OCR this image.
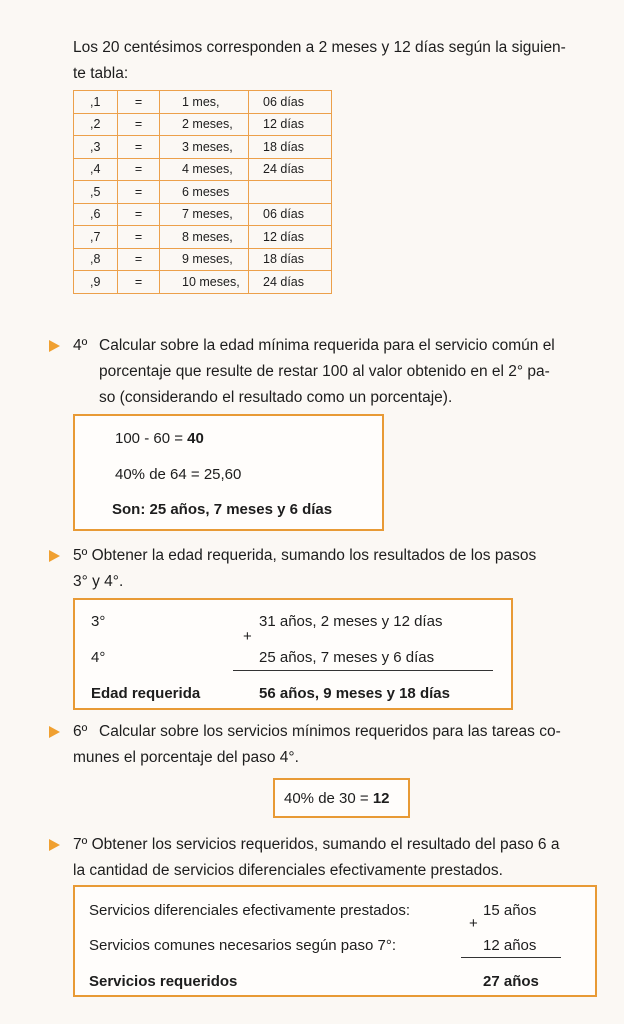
Los 20 centésimos corresponden a 2 meses y 12 días según la siguien-
te tabla:
,1	=	1 mes,	06 días
,2	=	2 meses,	12 días
,3	=	3 meses,	18 días
,4	=	4 meses,	24 días
,5	=	6 meses	
,6	=	7 meses,	06 días
,7	=	8 meses,	12 días
,8	=	9 meses,	18 días
,9	=	10 meses,	24 días
4º Calcular sobre la edad mínima requerida para el servicio común el
porcentaje que resulte de restar 100 al valor obtenido en el 2° pa-
so (considerando el resultado como un porcentaje).
100 - 60 = 40
40% de 64 = 25,60
Son: 25 años, 7 meses y 6 días
5º Obtener la edad requerida, sumando los resultados de los pasos
3° y 4°.
3°	31 años, 2 meses y 12 días
+
4°	25 años, 7 meses y 6 días
Edad requerida	56 años, 9 meses y 18 días
6º Calcular sobre los servicios mínimos requeridos para las tareas co-
munes el porcentaje del paso 4°.
40% de 30 = 12
7º Obtener los servicios requeridos, sumando el resultado del paso 6 a
la cantidad de servicios diferenciales efectivamente prestados.
Servicios diferenciales efectivamente prestados:	15 años
+
Servicios comunes necesarios según paso 7°:	12 años
Servicios requeridos	27 años
